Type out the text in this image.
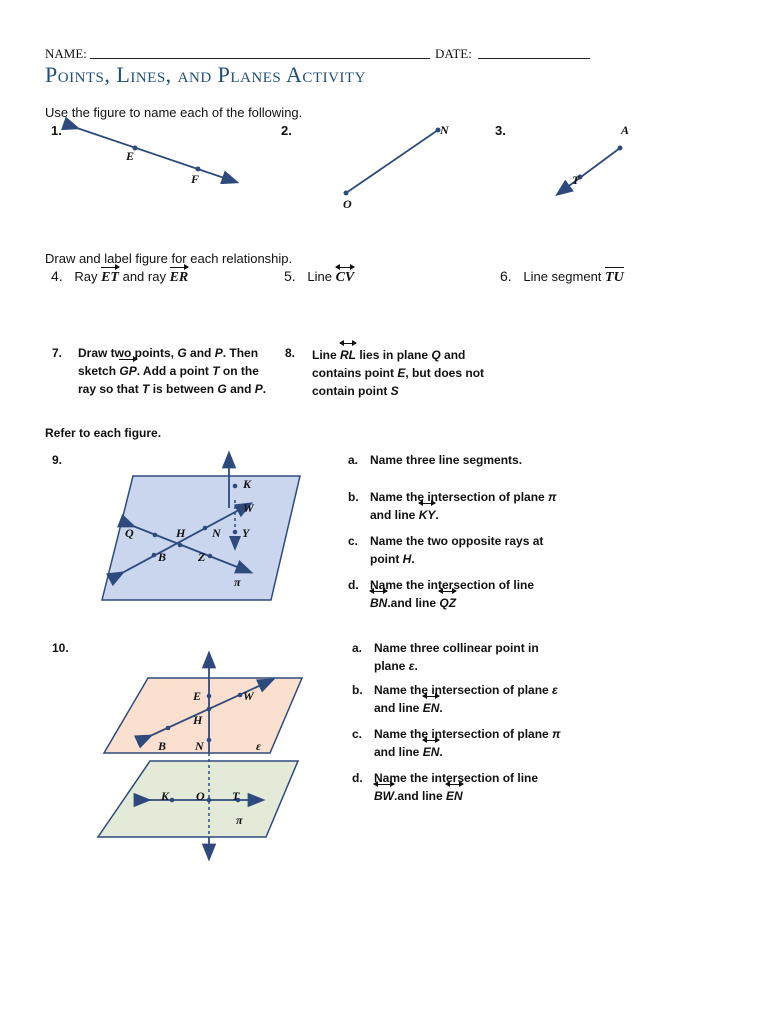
NAME:	DATE:
Points, Lines, and Planes Activity
Use the figure to name each of the following.
1.	2.	3.
E
F
N
O
A
T
Draw and label figure for each relationship.
4. Ray ET and ray ER	5. Line
CV	6. Line segment TU
7. Draw two points, G and P. Then
sketch GP. Add a point T on the
ray so that T is between G and P.
8. Line
RL lies in plane Q and
contains point E, but does not
contain point S
Refer to each figure.
9.
K
W
Q	H N Y
B	Z
π
a. Name three line segments.
b. Name the intersection of plane π
and line
KY.
c. Name the two opposite rays at
point H.
d. Name the intersection of line

BN.and line
QZ
10.
E	W
H
B N	ε
K O T
π
a. Name three collinear point in
plane ε.
b. Name the intersection of plane ε
and line
EN.
c. Name the intersection of plane π
and line
EN.
d. Name the intersection of line

BW.and line
EN
